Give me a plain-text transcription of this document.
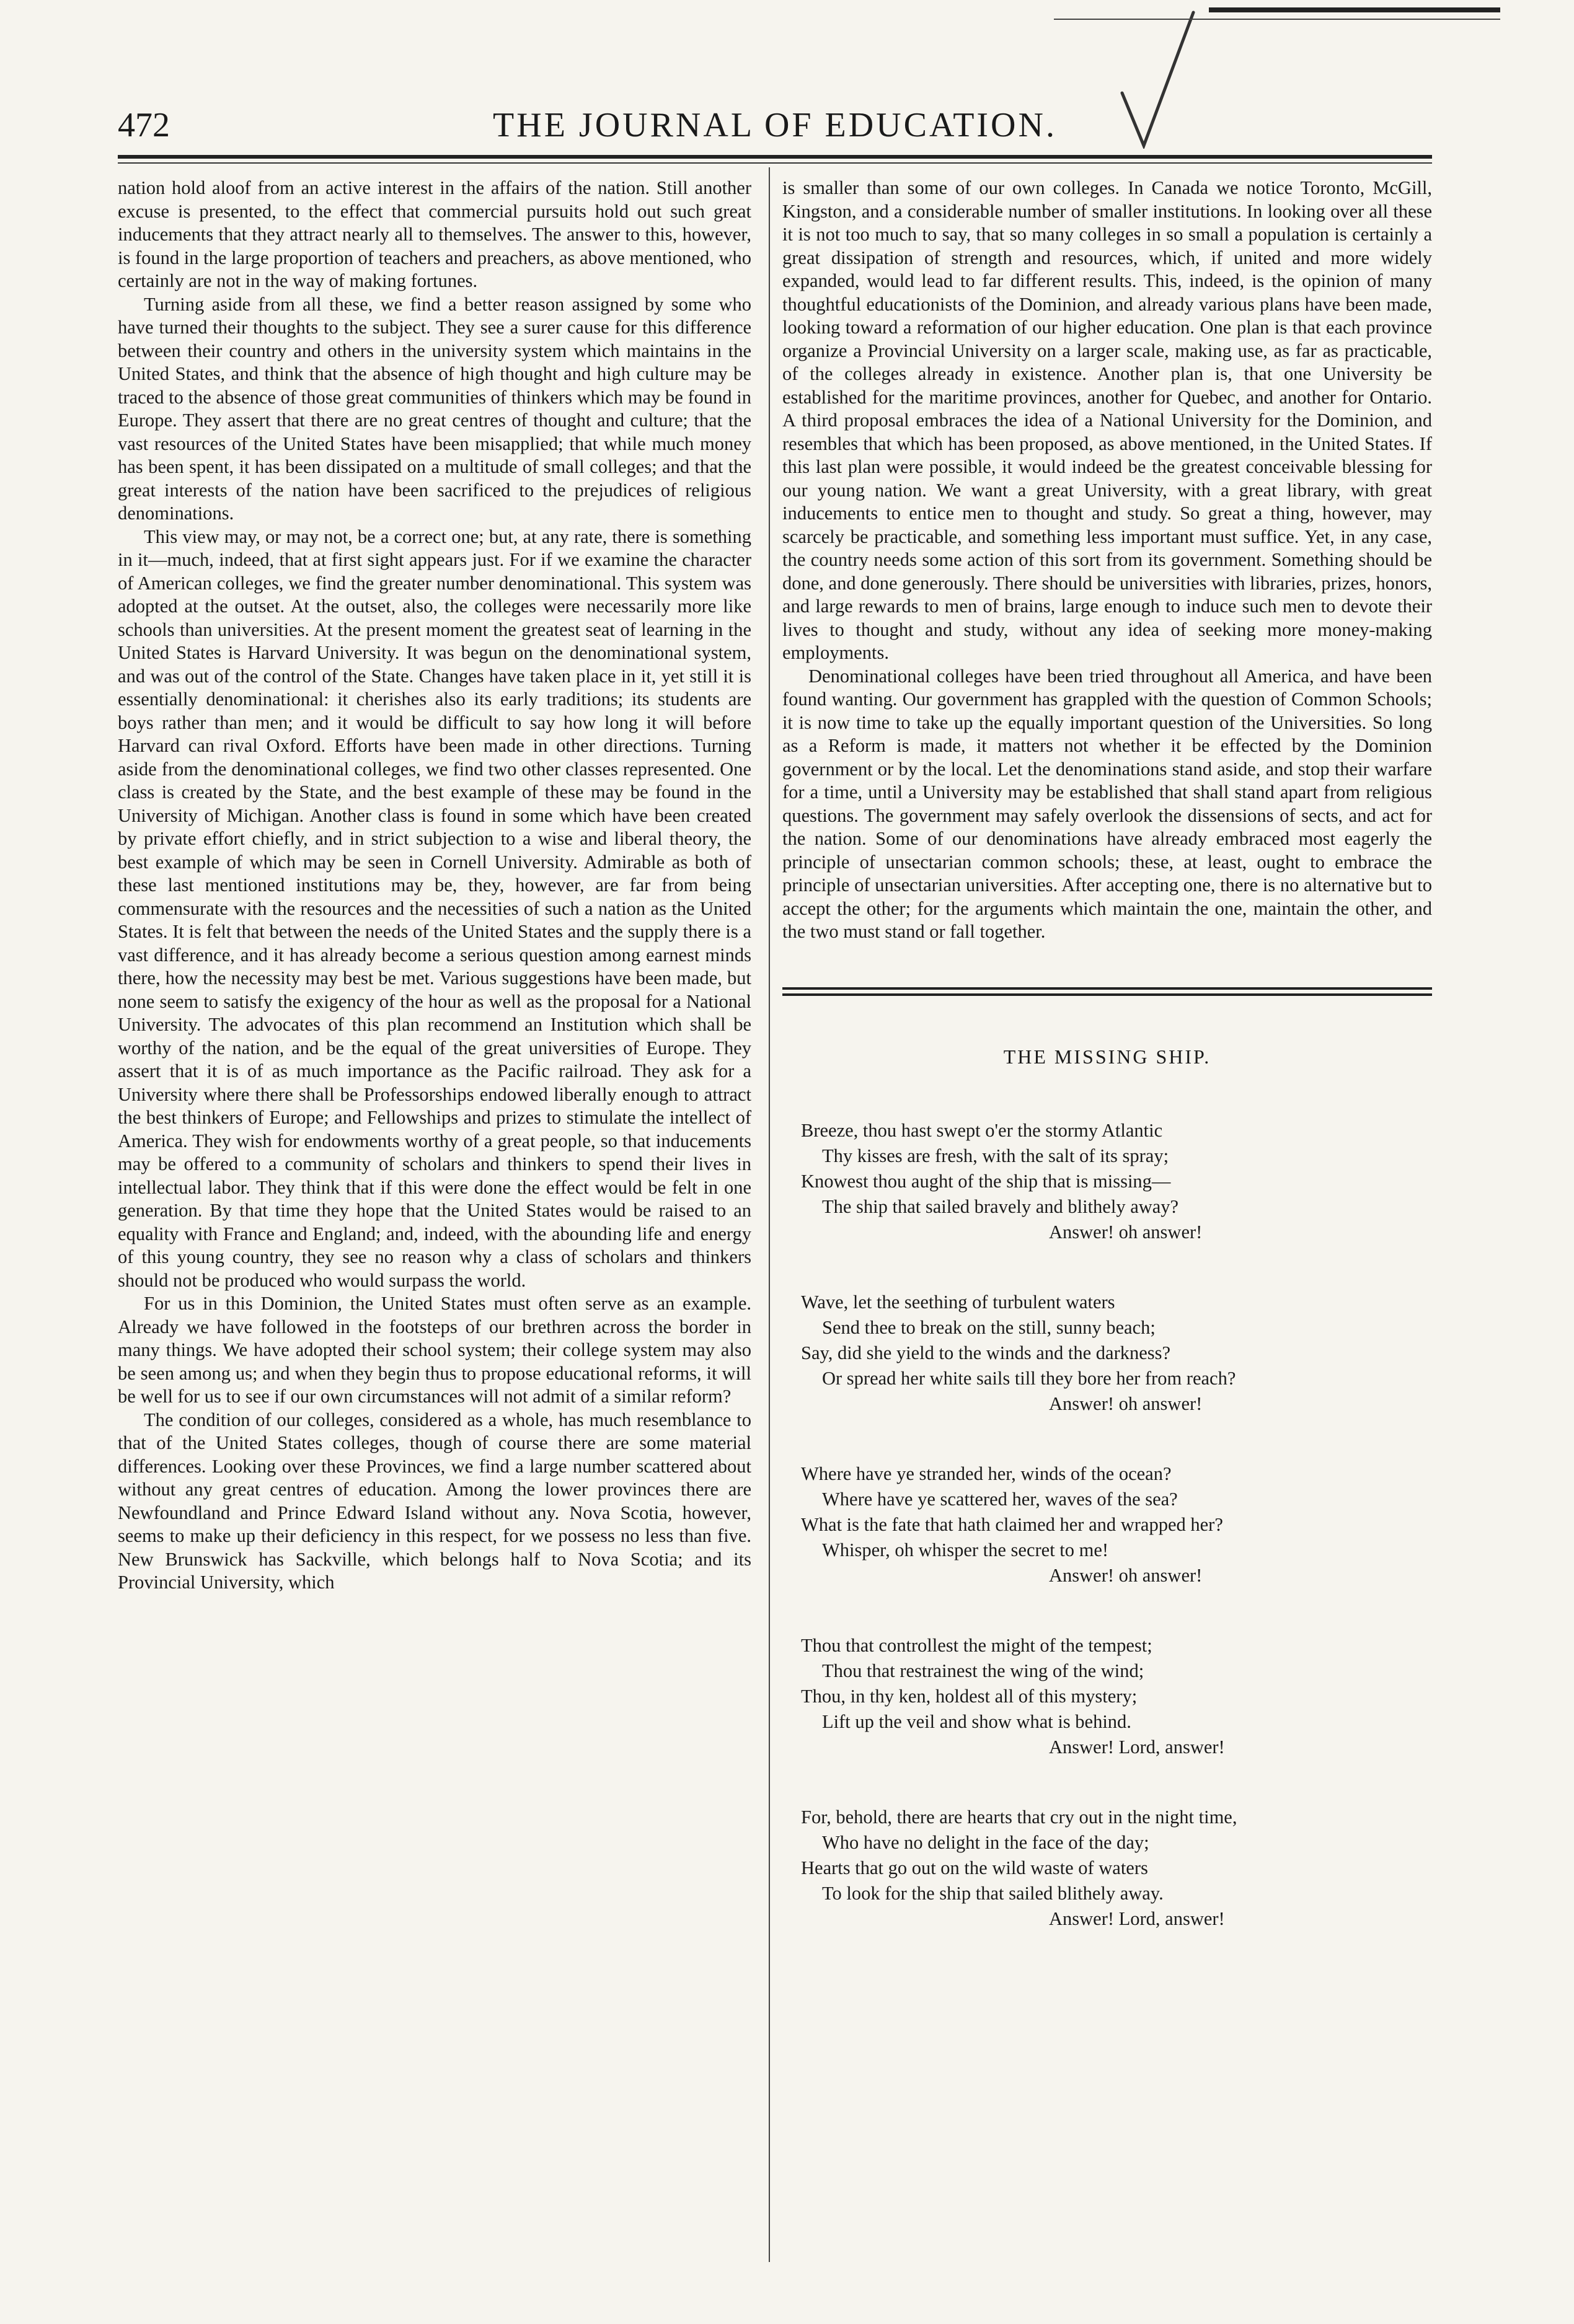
472	THE JOURNAL OF EDUCATION.

nation hold aloof from an active interest in the affairs of the nation. Still another excuse is presented, to the effect that commercial pursuits hold out such great inducements that they attract nearly all to themselves. The answer to this, however, is found in the large proportion of teachers and preachers, as above mentioned, who certainly are not in the way of making fortunes.

Turning aside from all these, we find a better reason assigned by some who have turned their thoughts to the subject. They see a surer cause for this difference between their country and others in the university system which maintains in the United States, and think that the absence of high thought and high culture may be traced to the absence of those great communities of thinkers which may be found in Europe. They assert that there are no great centres of thought and culture; that the vast resources of the United States have been misapplied; that while much money has been spent, it has been dissipated on a multitude of small colleges; and that the great interests of the nation have been sacrificed to the prejudices of religious denominations.

This view may, or may not, be a correct one; but, at any rate, there is something in it—much, indeed, that at first sight appears just. For if we examine the character of American colleges, we find the greater number denominational. This system was adopted at the outset. At the outset, also, the colleges were necessarily more like schools than universities. At the present moment the greatest seat of learning in the United States is Harvard University. It was begun on the denominational system, and was out of the control of the State. Changes have taken place in it, yet still it is essentially denominational: it cherishes also its early traditions; its students are boys rather than men; and it would be difficult to say how long it will before Harvard can rival Oxford. Efforts have been made in other directions. Turning aside from the denominational colleges, we find two other classes represented. One class is created by the State, and the best example of these may be found in the University of Michigan. Another class is found in some which have been created by private effort chiefly, and in strict subjection to a wise and liberal theory, the best example of which may be seen in Cornell University. Admirable as both of these last mentioned institutions may be, they, however, are far from being commensurate with the resources and the necessities of such a nation as the United States. It is felt that between the needs of the United States and the supply there is a vast difference, and it has already become a serious question among earnest minds there, how the necessity may best be met. Various suggestions have been made, but none seem to satisfy the exigency of the hour as well as the proposal for a National University. The advocates of this plan recommend an Institution which shall be worthy of the nation, and be the equal of the great universities of Europe. They assert that it is of as much importance as the Pacific railroad. They ask for a University where there shall be Professorships endowed liberally enough to attract the best thinkers of Europe; and Fellowships and prizes to stimulate the intellect of America. They wish for endowments worthy of a great people, so that inducements may be offered to a community of scholars and thinkers to spend their lives in intellectual labor. They think that if this were done the effect would be felt in one generation. By that time they hope that the United States would be raised to an equality with France and England; and, indeed, with the abounding life and energy of this young country, they see no reason why a class of scholars and thinkers should not be produced who would surpass the world.

For us in this Dominion, the United States must often serve as an example. Already we have followed in the footsteps of our brethren across the border in many things. We have adopted their school system; their college system may also be seen among us; and when they begin thus to propose educational reforms, it will be well for us to see if our own circumstances will not admit of a similar reform?

The condition of our colleges, considered as a whole, has much resemblance to that of the United States colleges, though of course there are some material differences. Looking over these Provinces, we find a large number scattered about without any great centres of education. Among the lower provinces there are Newfoundland and Prince Edward Island without any. Nova Scotia, however, seems to make up their deficiency in this respect, for we possess no less than five. New Brunswick has Sackville, which belongs half to Nova Scotia; and its Provincial University, which

is smaller than some of our own colleges. In Canada we notice Toronto, McGill, Kingston, and a considerable number of smaller institutions. In looking over all these it is not too much to say, that so many colleges in so small a population is certainly a great dissipation of strength and resources, which, if united and more widely expanded, would lead to far different results. This, indeed, is the opinion of many thoughtful educationists of the Dominion, and already various plans have been made, looking toward a reformation of our higher education. One plan is that each province organize a Provincial University on a larger scale, making use, as far as practicable, of the colleges already in existence. Another plan is, that one University be established for the maritime provinces, another for Quebec, and another for Ontario. A third proposal embraces the idea of a National University for the Dominion, and resembles that which has been proposed, as above mentioned, in the United States. If this last plan were possible, it would indeed be the greatest conceivable blessing for our young nation. We want a great University, with a great library, with great inducements to entice men to thought and study. So great a thing, however, may scarcely be practicable, and something less important must suffice. Yet, in any case, the country needs some action of this sort from its government. Something should be done, and done generously. There should be universities with libraries, prizes, honors, and large rewards to men of brains, large enough to induce such men to devote their lives to thought and study, without any idea of seeking more money-making employments.

Denominational colleges have been tried throughout all America, and have been found wanting. Our government has grappled with the question of Common Schools; it is now time to take up the equally important question of the Universities. So long as a Reform is made, it matters not whether it be effected by the Dominion government or by the local. Let the denominations stand aside, and stop their warfare for a time, until a University may be established that shall stand apart from religious questions. The government may safely overlook the dissensions of sects, and act for the nation. Some of our denominations have already embraced most eagerly the principle of unsectarian common schools; these, at least, ought to embrace the principle of unsectarian universities. After accepting one, there is no alternative but to accept the other; for the arguments which maintain the one, maintain the other, and the two must stand or fall together.

THE MISSING SHIP.
Breeze, thou hast swept o'er the stormy Atlantic
Thy kisses are fresh, with the salt of its spray;
Knowest thou aught of the ship that is missing—
The ship that sailed bravely and blithely away?
Answer! oh answer!
Wave, let the seething of turbulent waters
Send thee to break on the still, sunny beach;
Say, did she yield to the winds and the darkness?
Or spread her white sails till they bore her from reach?
Answer! oh answer!
Where have ye stranded her, winds of the ocean?
Where have ye scattered her, waves of the sea?
What is the fate that hath claimed her and wrapped her?
Whisper, oh whisper the secret to me!
Answer! oh answer!
Thou that controllest the might of the tempest;
Thou that restrainest the wing of the wind;
Thou, in thy ken, holdest all of this mystery;
Lift up the veil and show what is behind.
Answer! Lord, answer!
For, behold, there are hearts that cry out in the night time,
Who have no delight in the face of the day;
Hearts that go out on the wild waste of waters
To look for the ship that sailed blithely away.
Answer! Lord, answer!
